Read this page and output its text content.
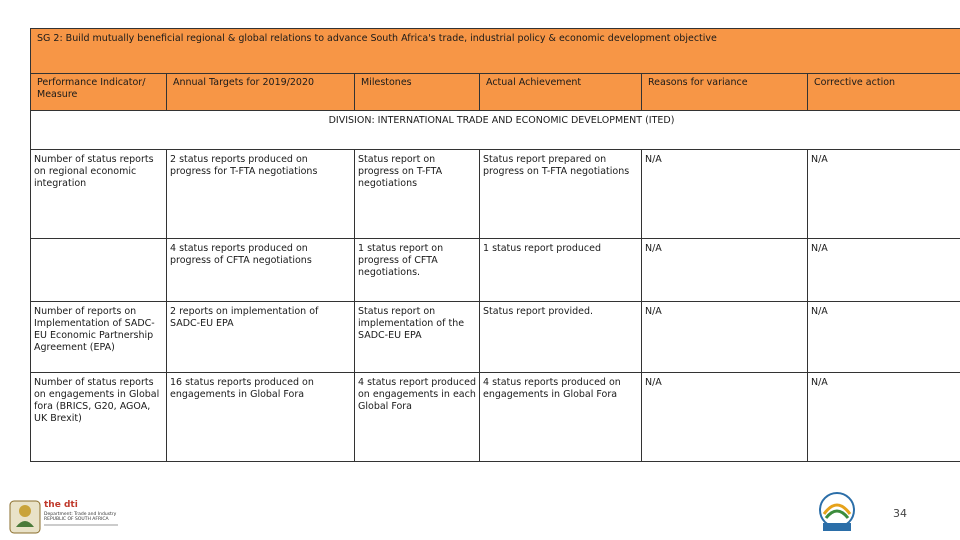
SG 2: Build mutually beneficial regional & global relations to advance South Africa's trade, industrial policy & economic development objective					
Performance Indicator/ Measure	Annual Targets for 2019/2020	Milestones	Actual Achievement	Reasons for variance	Corrective action
DIVISION: INTERNATIONAL TRADE AND ECONOMIC DEVELOPMENT (ITED)					
Number of status reports on regional economic integration	2 status reports produced on progress for T-FTA negotiations	Status report on progress on T-FTA negotiations	Status report prepared on progress on T-FTA negotiations	N/A	N/A
	4 status reports produced on progress of CFTA negotiations	1 status report on progress of CFTA negotiations.	1 status report produced	N/A	N/A
Number of reports on Implementation of SADC-EU Economic Partnership Agreement (EPA)	2 reports on implementation of SADC-EU EPA	Status report on implementation of the SADC-EU EPA	Status report provided.	N/A	N/A
Number of status reports on engagements in Global fora (BRICS, G20, AGOA, UK Brexit)	16 status reports produced on engagements in Global Fora	4 status report produced on engagements in each Global Fora	4 status reports produced on engagements in Global Fora	N/A	N/A
the dti
Department: Trade and Industry REPUBLIC OF SOUTH AFRICA	34
